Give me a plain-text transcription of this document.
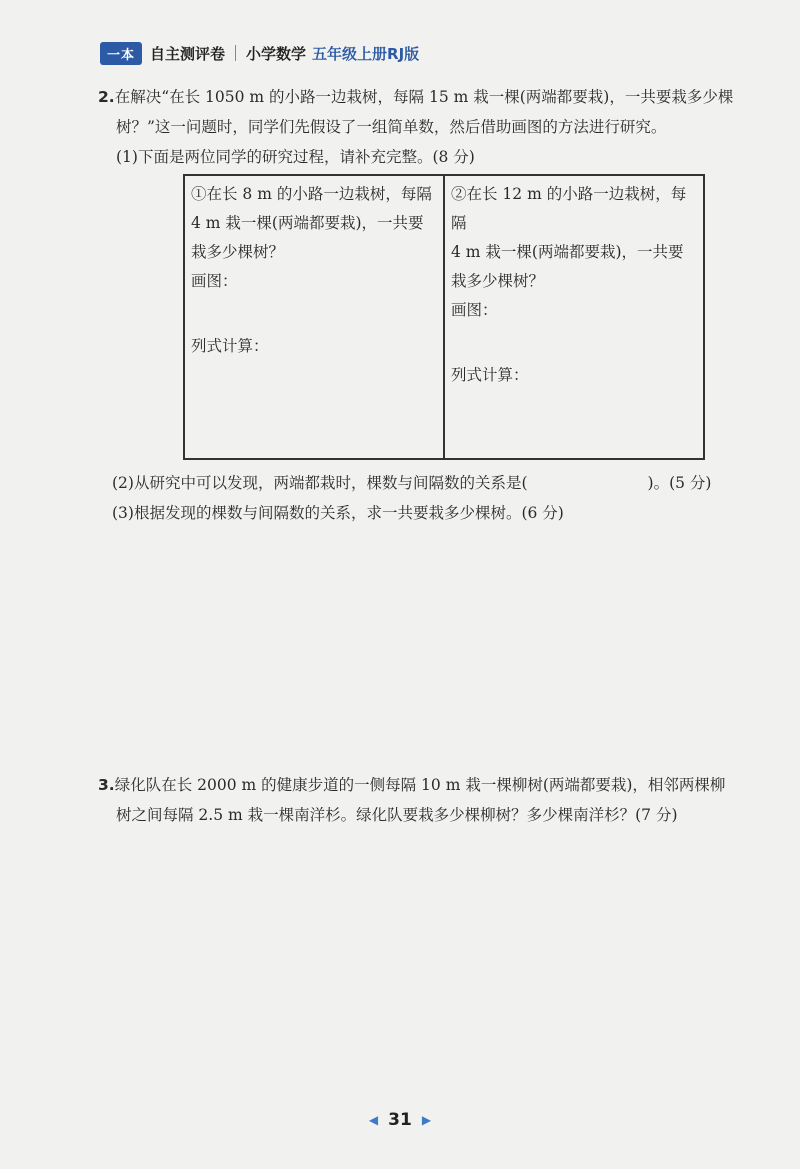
一本	自主测评卷 小学数学 五年级上册RJ版
2.在解决“在长 1050 m 的小路一边栽树，每隔 15 m 栽一棵(两端都要栽)，一共要栽多少棵
树？”这一问题时，同学们先假设了一组简单数，然后借助画图的方法进行研究。
(1)下面是两位同学的研究过程，请补充完整。(8 分)
①在长 8 m 的小路一边栽树，每隔
4 m 栽一棵(两端都要栽)，一共要
栽多少棵树？
画图：
列式计算：

②在长 12 m 的小路一边栽树，每隔
4 m 栽一棵(两端都要栽)，一共要
栽多少棵树？
画图：
列式计算：
(2)从研究中可以发现，两端都栽时，棵数与间隔数的关系是(	)。(5 分)
(3)根据发现的棵数与间隔数的关系，求一共要栽多少棵树。(6 分)
3.绿化队在长 2000 m 的健康步道的一侧每隔 10 m 栽一棵柳树(两端都要栽)，相邻两棵柳
树之间每隔 2.5 m 栽一棵南洋杉。绿化队要栽多少棵柳树？多少棵南洋杉？(7 分)
◀ 31 ▶
